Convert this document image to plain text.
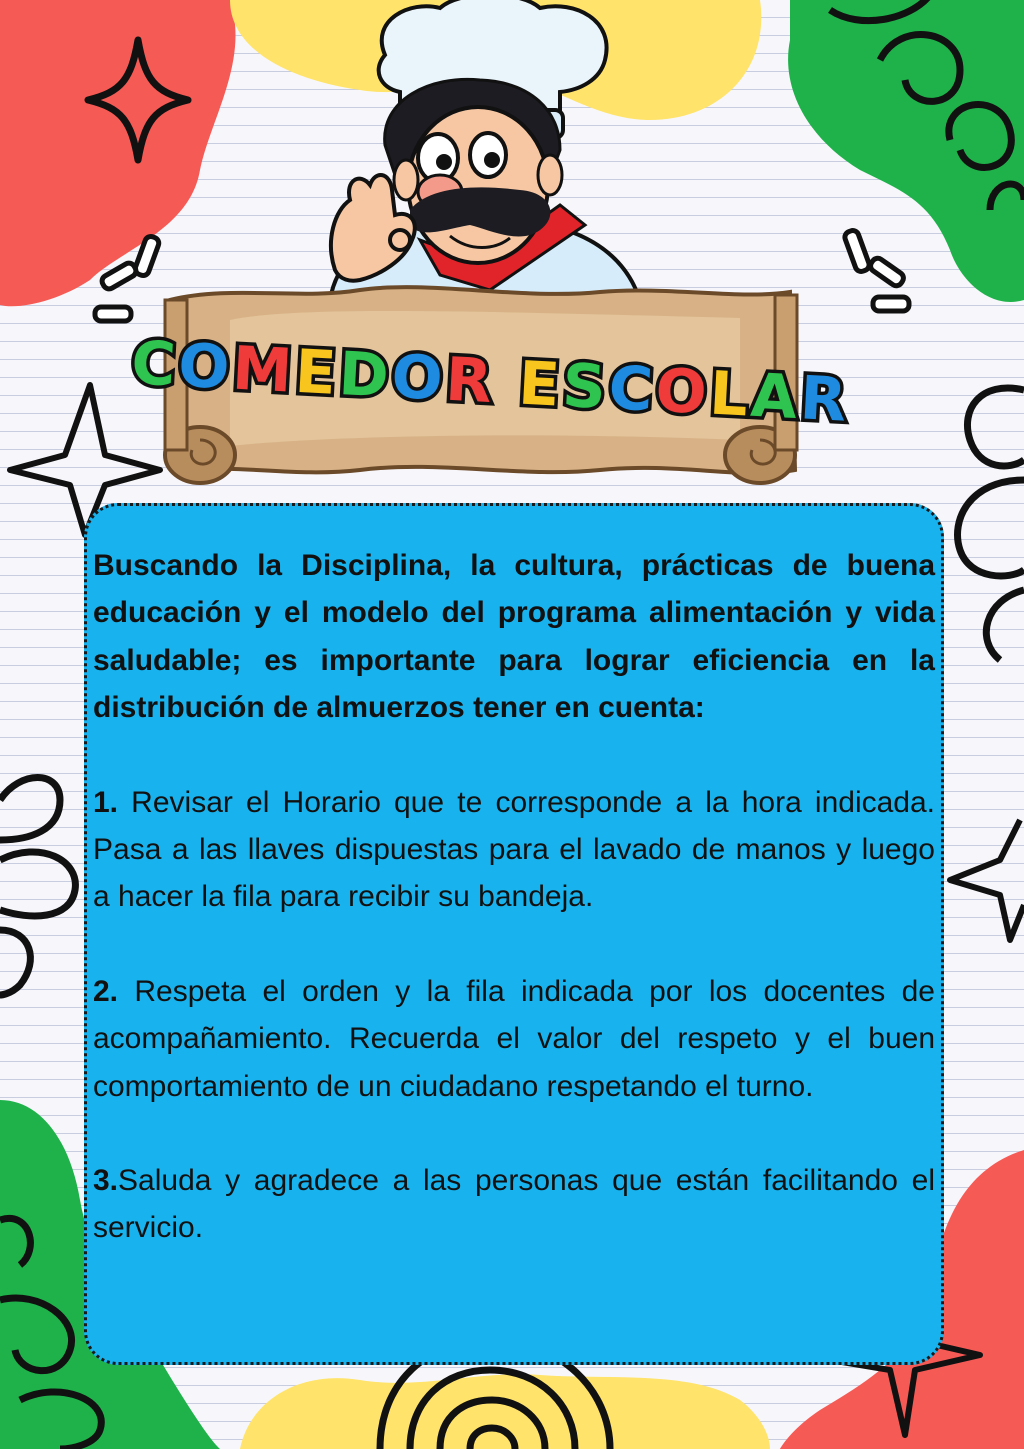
COMEDOR ESCOLAR

Buscando la Disciplina, la cultura, prácticas de buena educación y el modelo del programa alimentación y vida saludable; es importante para lograr eficiencia en la distribución de almuerzos tener en cuenta:

1. Revisar el Horario que te corresponde a la hora indicada. Pasa a las llaves dispuestas para el lavado de manos y luego a hacer la fila para recibir su bandeja.

2. Respeta el orden y la fila indicada por los docentes de acompañamiento. Recuerda el valor del respeto y el buen comportamiento de un ciudadano respetando el turno.

3.Saluda y agradece a las personas que están facilitando el servicio.
